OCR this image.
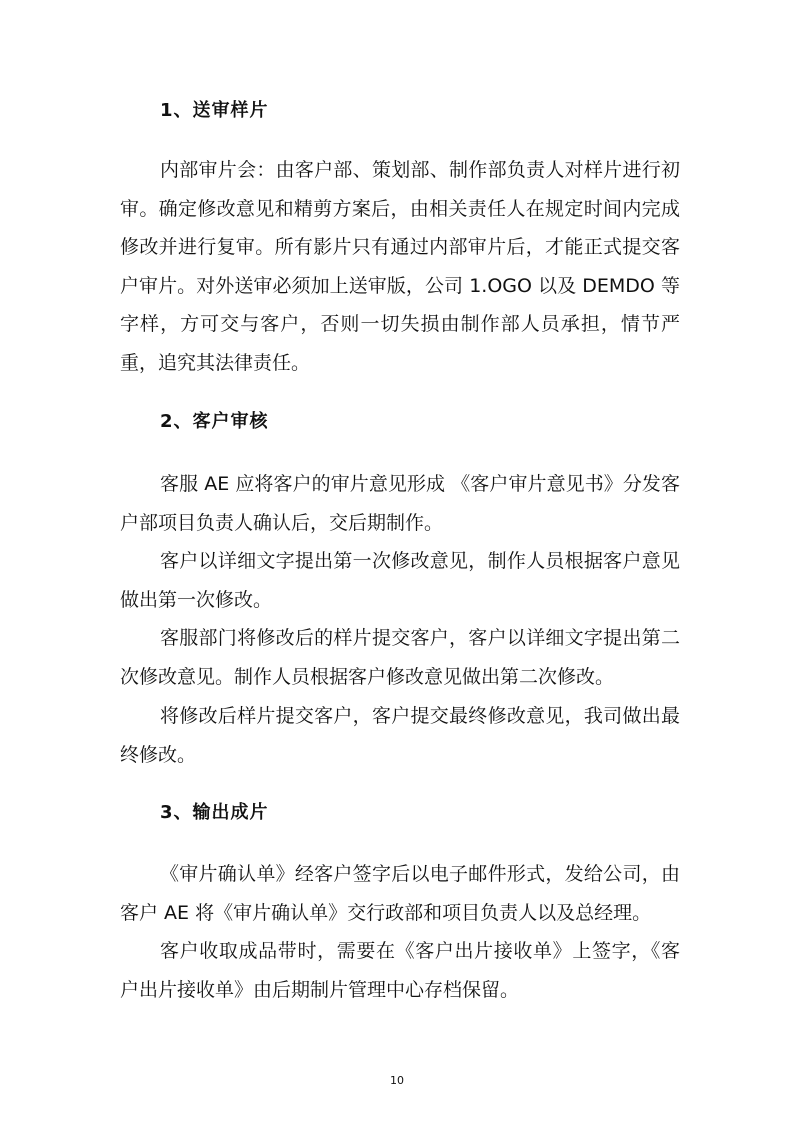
1、送审样片
内部审片会：由客户部、策划部、制作部负责人对样片进行初审。确定修改意见和精剪方案后，由相关责任人在规定时间内完成修改并进行复审。所有影片只有通过内部审片后，才能正式提交客户审片。对外送审必须加上送审版，公司 1.OGO 以及 DEMDO 等字样，方可交与客户，否则一切失损由制作部人员承担，情节严重，追究其法律责任。
2、客户审核
客服 AE 应将客户的审片意见形成 《客户审片意见书》分发客户部项目负责人确认后，交后期制作。
客户以详细文字提出第一次修改意见，制作人员根据客户意见做出第一次修改。
客服部门将修改后的样片提交客户，客户以详细文字提出第二次修改意见。制作人员根据客户修改意见做出第二次修改。
将修改后样片提交客户，客户提交最终修改意见，我司做出最终修改。
3、输出成片
《审片确认单》经客户签字后以电子邮件形式，发给公司，由客户 AE 将《审片确认单》交行政部和项目负责人以及总经理。
客户收取成品带时，需要在《客户出片接收单》上签字，《客户出片接收单》由后期制片管理中心存档保留。
10
